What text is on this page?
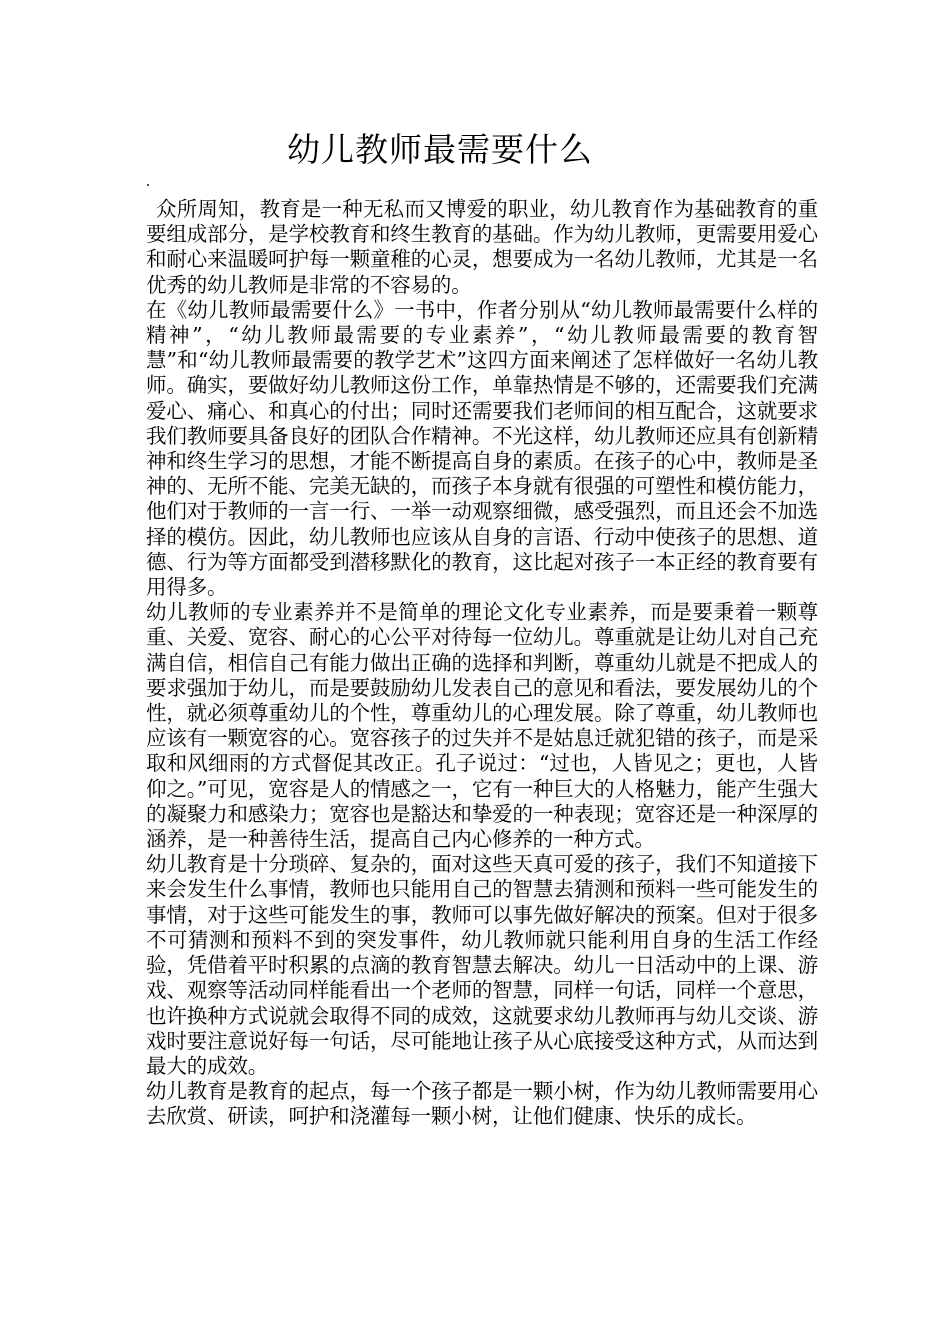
幼儿教师最需要什么

众所周知，教育是一种无私而又博爱的职业，幼儿教育作为基础教育的重要组成部分，是学校教育和终生教育的基础。作为幼儿教师，更需要用爱心和耐心来温暖呵护每一颗童稚的心灵，想要成为一名幼儿教师，尤其是一名优秀的幼儿教师是非常的不容易的。

在《幼儿教师最需要什么》一书中，作者分别从“幼儿教师最需要什么样的精神”，“幼儿教师最需要的专业素养”，“幼儿教师最需要的教育智慧”和“幼儿教师最需要的教学艺术”这四方面来阐述了怎样做好一名幼儿教师。确实，要做好幼儿教师这份工作，单靠热情是不够的，还需要我们充满爱心、痛心、和真心的付出；同时还需要我们老师间的相互配合，这就要求我们教师要具备良好的团队合作精神。不光这样，幼儿教师还应具有创新精神和终生学习的思想，才能不断提高自身的素质。在孩子的心中，教师是圣神的、无所不能、完美无缺的，而孩子本身就有很强的可塑性和模仿能力，他们对于教师的一言一行、一举一动观察细微，感受强烈，而且还会不加选择的模仿。因此，幼儿教师也应该从自身的言语、行动中使孩子的思想、道德、行为等方面都受到潜移默化的教育，这比起对孩子一本正经的教育要有用得多。

幼儿教师的专业素养并不是简单的理论文化专业素养，而是要秉着一颗尊重、关爱、宽容、耐心的心公平对待每一位幼儿。尊重就是让幼儿对自己充满自信，相信自己有能力做出正确的选择和判断，尊重幼儿就是不把成人的要求强加于幼儿，而是要鼓励幼儿发表自己的意见和看法，要发展幼儿的个性，就必须尊重幼儿的个性，尊重幼儿的心理发展。除了尊重，幼儿教师也应该有一颗宽容的心。宽容孩子的过失并不是姑息迁就犯错的孩子，而是采取和风细雨的方式督促其改正。孔子说过：“过也，人皆见之；更也，人皆仰之。”可见，宽容是人的情感之一，它有一种巨大的人格魅力，能产生强大的凝聚力和感染力；宽容也是豁达和挚爱的一种表现；宽容还是一种深厚的涵养，是一种善待生活，提高自己内心修养的一种方式。

幼儿教育是十分琐碎、复杂的，面对这些天真可爱的孩子，我们不知道接下来会发生什么事情，教师也只能用自己的智慧去猜测和预料一些可能发生的事情，对于这些可能发生的事，教师可以事先做好解决的预案。但对于很多不可猜测和预料不到的突发事件，幼儿教师就只能利用自身的生活工作经验，凭借着平时积累的点滴的教育智慧去解决。幼儿一日活动中的上课、游戏、观察等活动同样能看出一个老师的智慧，同样一句话，同样一个意思，也许换种方式说就会取得不同的成效，这就要求幼儿教师再与幼儿交谈、游戏时要注意说好每一句话，尽可能地让孩子从心底接受这种方式，从而达到最大的成效。

幼儿教育是教育的起点，每一个孩子都是一颗小树，作为幼儿教师需要用心去欣赏、研读，呵护和浇灌每一颗小树，让他们健康、快乐的成长。
